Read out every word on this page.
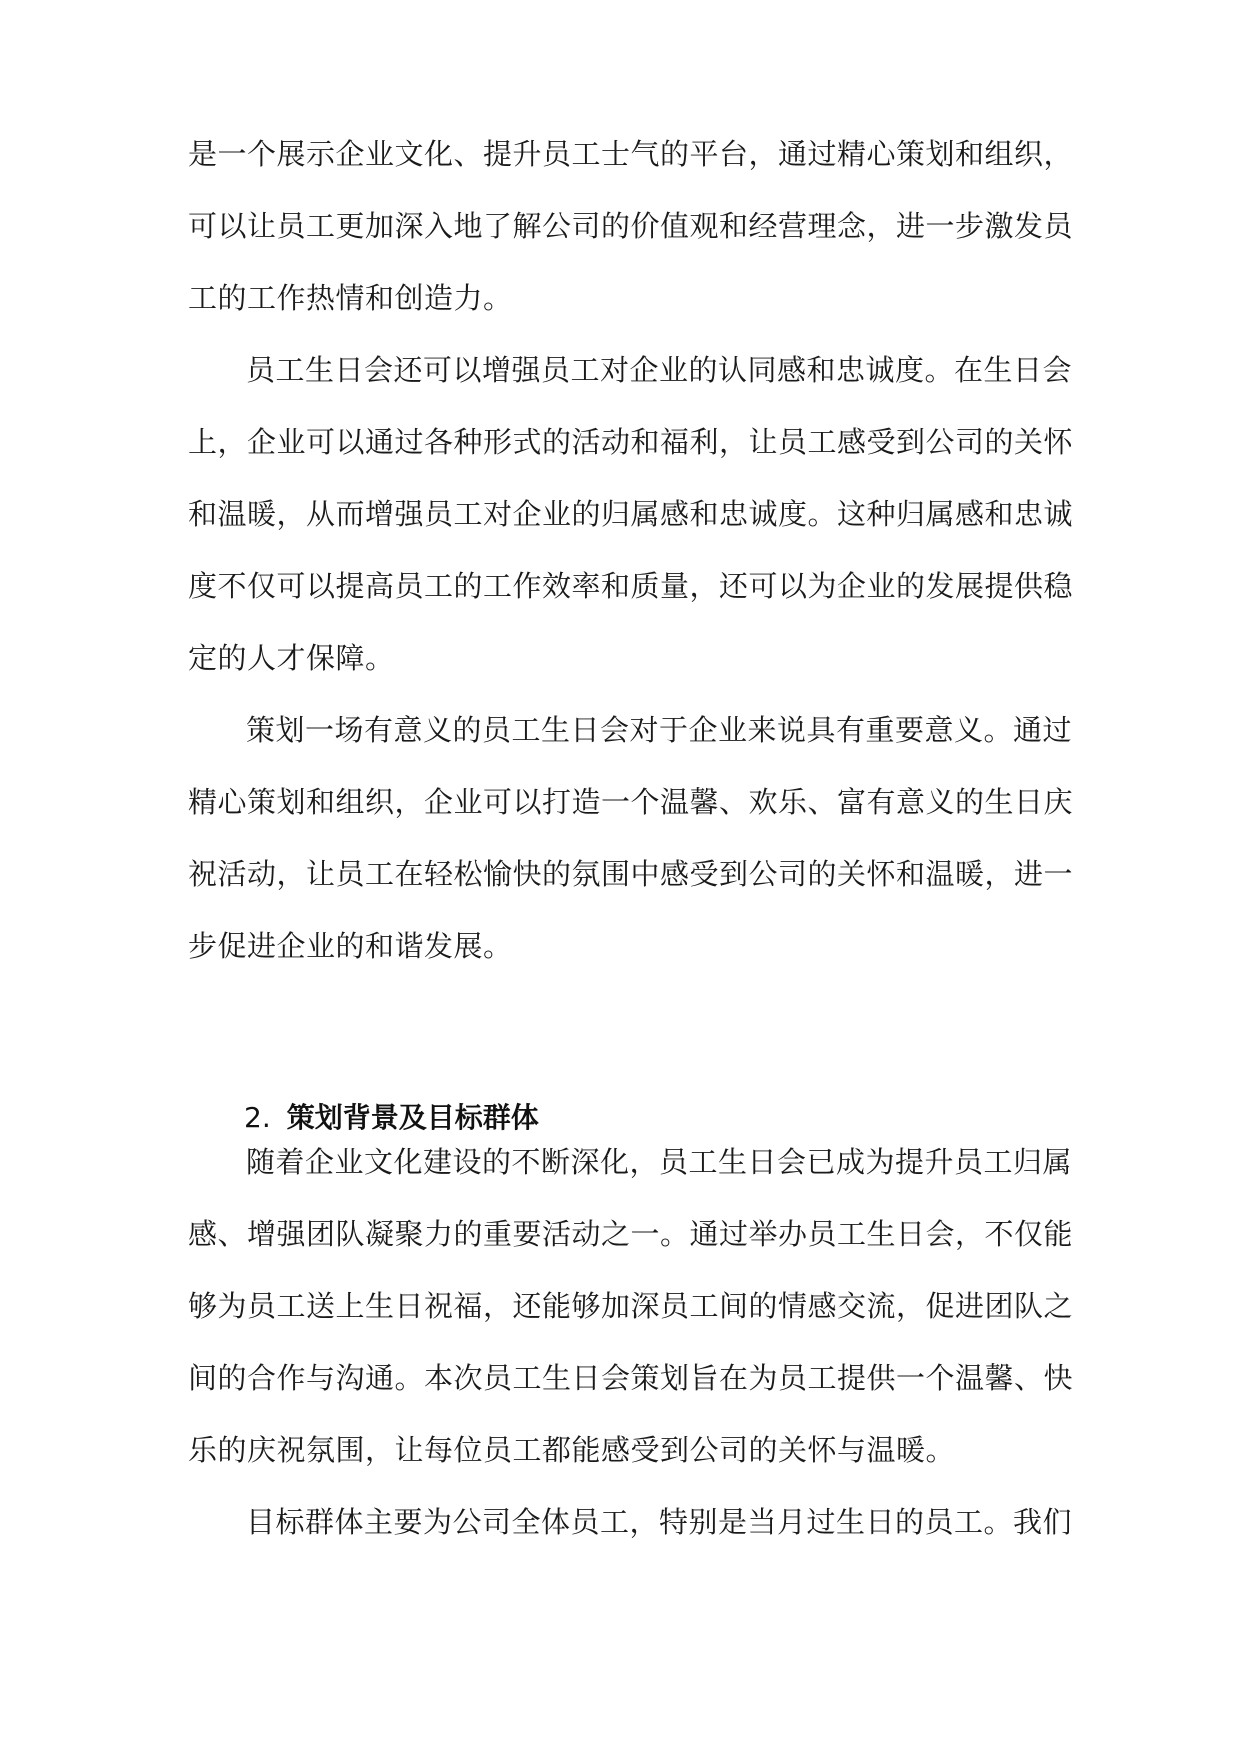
是一个展示企业文化、提升员工士气的平台，通过精心策划和组织，
可以让员工更加深入地了解公司的价值观和经营理念，进一步激发员
工的工作热情和创造力。
员工生日会还可以增强员工对企业的认同感和忠诚度。在生日会
上，企业可以通过各种形式的活动和福利，让员工感受到公司的关怀
和温暖，从而增强员工对企业的归属感和忠诚度。这种归属感和忠诚
度不仅可以提高员工的工作效率和质量，还可以为企业的发展提供稳
定的人才保障。
策划一场有意义的员工生日会对于企业来说具有重要意义。通过
精心策划和组织，企业可以打造一个温馨、欢乐、富有意义的生日庆
祝活动，让员工在轻松愉快的氛围中感受到公司的关怀和温暖，进一
步促进企业的和谐发展。
随着企业文化建设的不断深化，员工生日会已成为提升员工归属
感、增强团队凝聚力的重要活动之一。通过举办员工生日会，不仅能
够为员工送上生日祝福，还能够加深员工间的情感交流，促进团队之
间的合作与沟通。本次员工生日会策划旨在为员工提供一个温馨、快
乐的庆祝氛围，让每位员工都能感受到公司的关怀与温暖。
目标群体主要为公司全体员工，特别是当月过生日的员工。我们
2. 策划背景及目标群体
